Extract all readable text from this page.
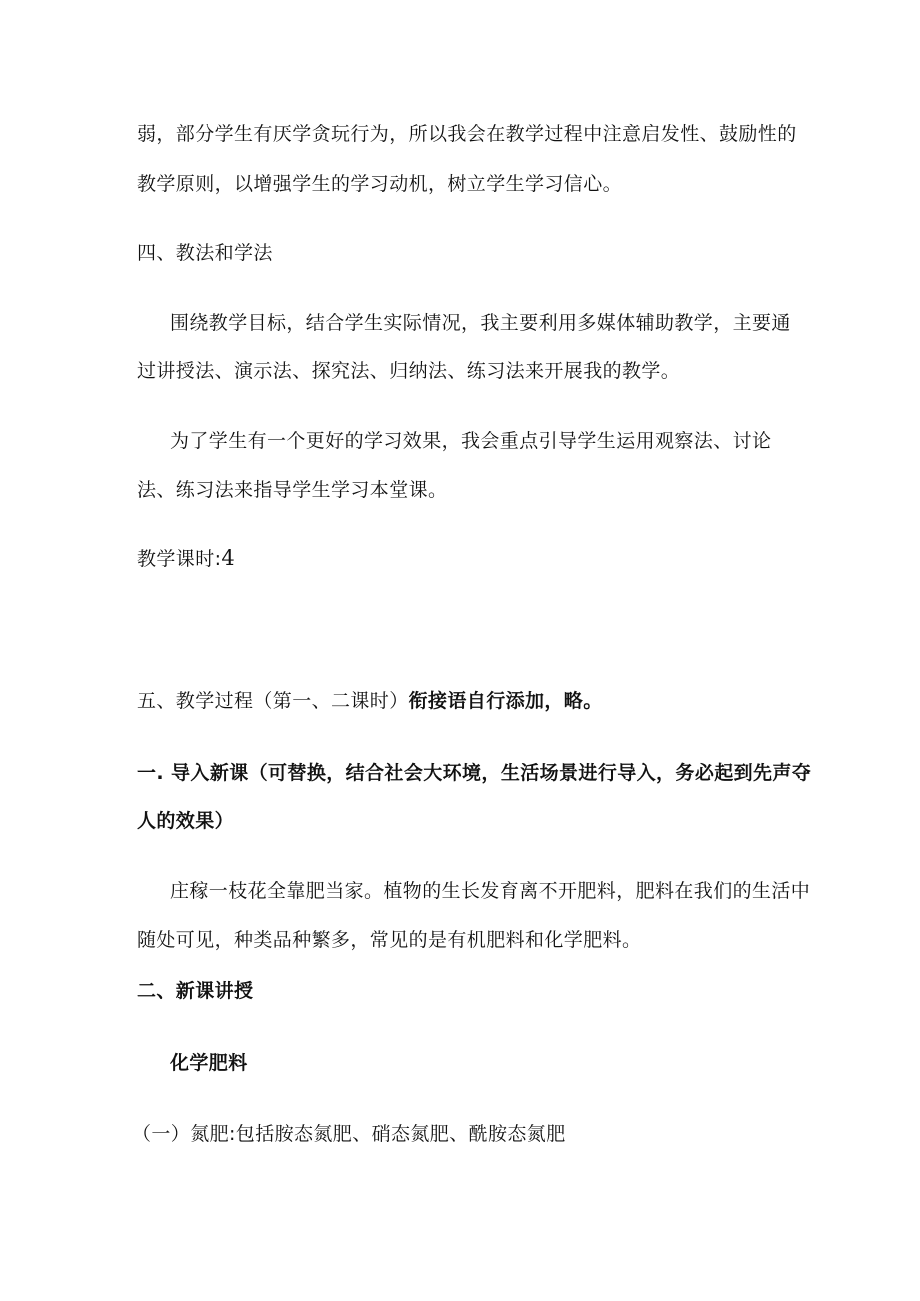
弱，部分学生有厌学贪玩行为，所以我会在教学过程中注意启发性、鼓励性的
教学原则，以增强学生的学习动机，树立学生学习信心。
四、教法和学法
围绕教学目标，结合学生实际情况，我主要利用多媒体辅助教学，主要通
过讲授法、演示法、探究法、归纳法、练习法来开展我的教学。
为了学生有一个更好的学习效果，我会重点引导学生运用观察法、讨论
法、练习法来指导学生学习本堂课。
教学课时:4
五、教学过程（第一、二课时）衔接语自行添加，略。
一. 导入新课（可替换，结合社会大环境，生活场景进行导入，务必起到先声夺
人的效果）
庄稼一枝花全靠肥当家。植物的生长发育离不开肥料，肥料在我们的生活中
随处可见，种类品种繁多，常见的是有机肥料和化学肥料。
二、新课讲授
化学肥料
（一）氮肥:包括胺态氮肥、硝态氮肥、酰胺态氮肥
